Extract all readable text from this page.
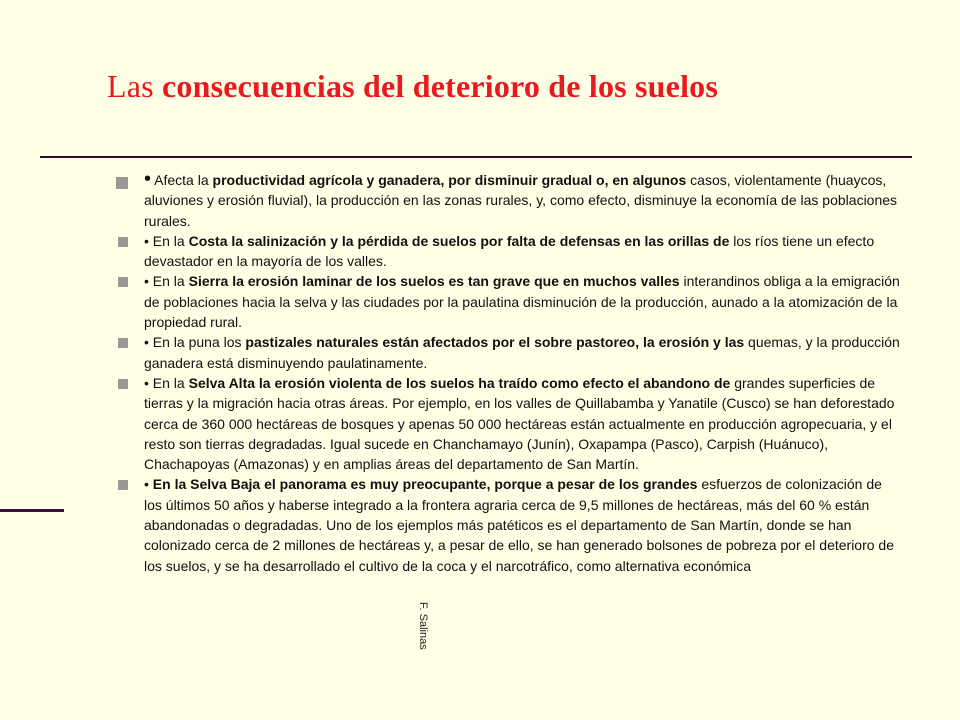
Las consecuencias del deterioro de los suelos
F. Salinas
• Afecta la productividad agrícola y ganadera, por disminuir gradual o, en algunos casos, violentamente (huaycos, aluviones y erosión fluvial), la producción en las zonas rurales, y, como efecto, disminuye la economía de las poblaciones rurales.
• En la Costa la salinización y la pérdida de suelos por falta de defensas en las orillas de los ríos tiene un efecto devastador en la mayoría de los valles.
• En la Sierra la erosión laminar de los suelos es tan grave que en muchos valles interandinos obliga a la emigración de poblaciones hacia la selva y las ciudades por la paulatina disminución de la producción, aunado a la atomización de la propiedad rural.
• En la puna los pastizales naturales están afectados por el sobre pastoreo, la erosión y las quemas, y la producción ganadera está disminuyendo paulatinamente.
• En la Selva Alta la erosión violenta de los suelos ha traído como efecto el abandono de grandes superficies de tierras y la migración hacia otras áreas. Por ejemplo, en los valles de Quillabamba y Yanatile (Cusco) se han deforestado cerca de 360 000 hectáreas de bosques y apenas 50 000 hectáreas están actualmente en producción agropecuaria, y el resto son tierras degradadas. Igual sucede en Chanchamayo (Junín), Oxapampa (Pasco), Carpish (Huánuco), Chachapoyas (Amazonas) y en amplias áreas del departamento de San Martín.
• En la Selva Baja el panorama es muy preocupante, porque a pesar de los grandes esfuerzos de colonización de los últimos 50 años y haberse integrado a la frontera agraria cerca de 9,5 millones de hectáreas, más del 60 % están abandonadas o degradadas. Uno de los ejemplos más patéticos es el departamento de San Martín, donde se han colonizado cerca de 2 millones de hectáreas y, a pesar de ello, se han generado bolsones de pobreza por el deterioro de los suelos, y se ha desarrollado el cultivo de la coca y el narcotráfico, como alternativa económica
